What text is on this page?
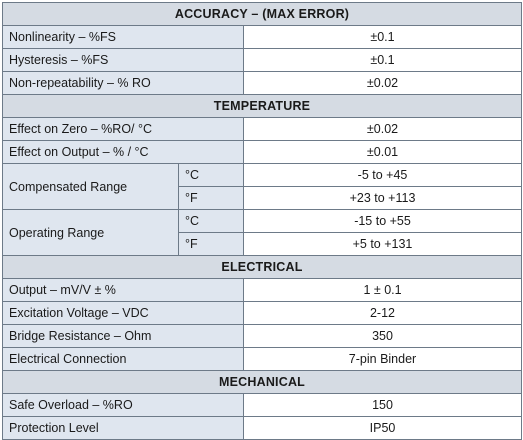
ACCURACY – (MAX ERROR)		
Nonlinearity – %FS		±0.1
Hysteresis – %FS		±0.1
Non-repeatability – % RO		±0.02
TEMPERATURE		
Effect on Zero – %RO/ °C		±0.02
Effect on Output – % / °C		±0.01
Compensated Range	°C	-5 to +45
	°F	+23 to +113
Operating Range	°C	-15 to +55
	°F	+5 to +131
ELECTRICAL		
Output – mV/V ± %		1 ± 0.1
Excitation Voltage – VDC		2-12
Bridge Resistance – Ohm		350
Electrical Connection		7-pin Binder
MECHANICAL		
Safe Overload – %RO		150
Protection Level		IP50
